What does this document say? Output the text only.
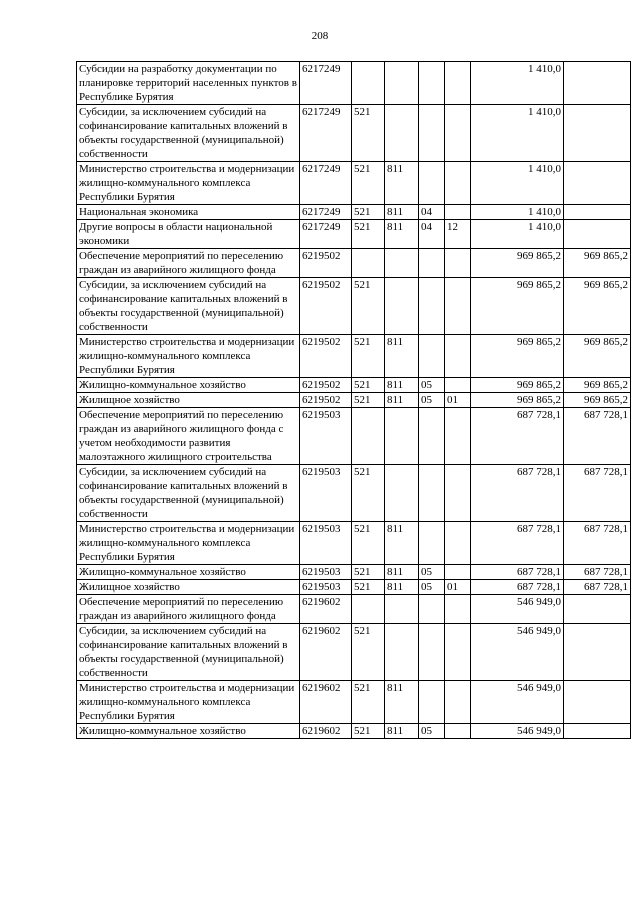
208
Субсидии на разработку документации по планировке территорий населенных пунктов в Республике Бурятия	6217249					1 410,0	
Субсидии, за исключением субсидий на софинансирование капитальных вложений в объекты государственной (муниципальной) собственности	6217249	521				1 410,0	
Министерство строительства и модернизации жилищно-коммунального комплекса Республики Бурятия	6217249	521	811			1 410,0	
Национальная экономика	6217249	521	811	04		1 410,0	
Другие вопросы в области национальной экономики	6217249	521	811	04	12	1 410,0	
Обеспечение мероприятий по переселению граждан из аварийного жилищного фонда	6219502					969 865,2	969 865,2
Субсидии, за исключением субсидий на софинансирование капитальных вложений в объекты государственной (муниципальной) собственности	6219502	521				969 865,2	969 865,2
Министерство строительства и модернизации жилищно-коммунального комплекса Республики Бурятия	6219502	521	811			969 865,2	969 865,2
Жилищно-коммунальное хозяйство	6219502	521	811	05		969 865,2	969 865,2
Жилищное хозяйство	6219502	521	811	05	01	969 865,2	969 865,2
Обеспечение мероприятий по переселению граждан из аварийного жилищного фонда с учетом необходимости развития малоэтажного жилищного строительства	6219503					687 728,1	687 728,1
Субсидии, за исключением субсидий на софинансирование капитальных вложений в объекты государственной (муниципальной) собственности	6219503	521				687 728,1	687 728,1
Министерство строительства и модернизации жилищно-коммунального комплекса Республики Бурятия	6219503	521	811			687 728,1	687 728,1
Жилищно-коммунальное хозяйство	6219503	521	811	05		687 728,1	687 728,1
Жилищное хозяйство	6219503	521	811	05	01	687 728,1	687 728,1
Обеспечение мероприятий по переселению граждан из аварийного жилищного фонда	6219602					546 949,0	
Субсидии, за исключением субсидий на софинансирование капитальных вложений в объекты государственной (муниципальной) собственности	6219602	521				546 949,0	
Министерство строительства и модернизации жилищно-коммунального комплекса Республики Бурятия	6219602	521	811			546 949,0	
Жилищно-коммунальное хозяйство	6219602	521	811	05		546 949,0	
